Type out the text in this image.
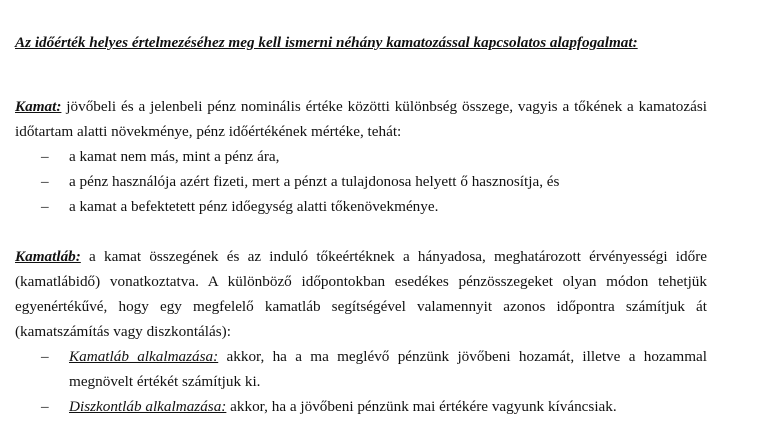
Az időérték helyes értelmezéséhez meg kell ismerni néhány kamatozással kapcsolatos alapfogalmat:

Kamat: jövőbeli és a jelenbeli pénz nominális értéke közötti különbség összege, vagyis a tőkének a kamatozási időtartam alatti növekménye, pénz időértékének mértéke, tehát:

– a kamat nem más, mint a pénz ára,
– a pénz használója azért fizeti, mert a pénzt a tulajdonosa helyett ő hasznosítja, és
– a kamat a befektetett pénz időegység alatti tőkenövekménye.

Kamatláb: a kamat összegének és az induló tőkeértéknek a hányadosa, meghatározott érvényességi időre (kamatlábidő) vonatkoztatva. A különböző időpontokban esedékes pénzösszegeket olyan módon tehetjük egyenértékűvé, hogy egy megfelelő kamatláb segítségével valamennyit azonos időpontra számítjuk át (kamatszámítás vagy diszkontálás):

– Kamatláb alkalmazása: akkor, ha a ma meglévő pénzünk jövőbeni hozamát, illetve a hozammal megnövelt értékét számítjuk ki.
– Diszkontláb alkalmazása: akkor, ha a jövőbeni pénzünk mai értékére vagyunk kíváncsiak.
